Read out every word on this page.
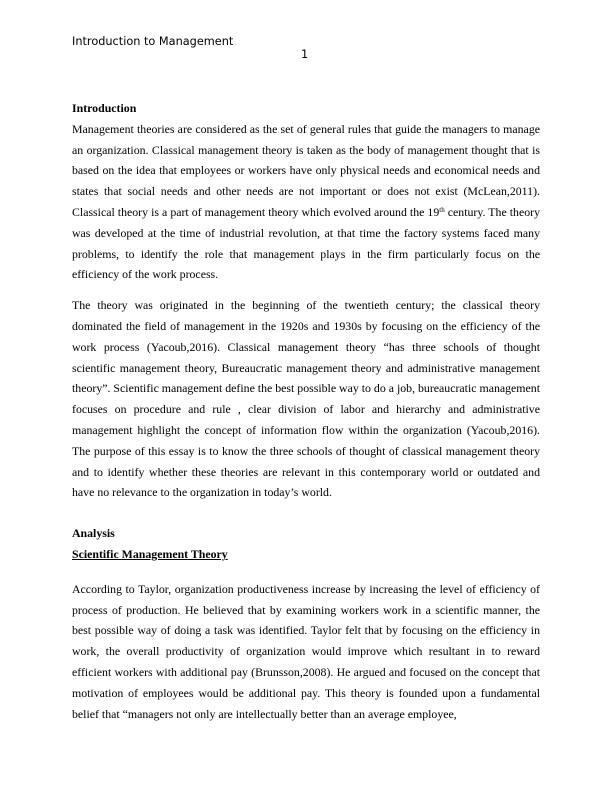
Introduction to Management
1
Introduction

Management theories are considered as the set of general rules that guide the managers to manage an organization. Classical management theory is taken as the body of management thought that is based on the idea that employees or workers have only physical needs and economical needs and states that social needs and other needs are not important or does not exist (McLean,2011). Classical theory is a part of management theory which evolved around the 19th century. The theory was developed at the time of industrial revolution, at that time the factory systems faced many problems, to identify the role that management plays in the firm particularly focus on the efficiency of the work process.

The theory was originated in the beginning of the twentieth century; the classical theory dominated the field of management in the 1920s and 1930s by focusing on the efficiency of the work process (Yacoub,2016). Classical management theory “has three schools of thought scientific management theory, Bureaucratic management theory and administrative management theory”. Scientific management define the best possible way to do a job, bureaucratic management focuses on procedure and rule , clear division of labor and hierarchy and administrative management highlight the concept of information flow within the organization (Yacoub,2016). The purpose of this essay is to know the three schools of thought of classical management theory and to identify whether these theories are relevant in this contemporary world or outdated and have no relevance to the organization in today’s world.

Analysis
Scientific Management Theory

According to Taylor, organization productiveness increase by increasing the level of efficiency of process of production. He believed that by examining workers work in a scientific manner, the best possible way of doing a task was identified. Taylor felt that by focusing on the efficiency in work, the overall productivity of organization would improve which resultant in to reward efficient workers with additional pay (Brunsson,2008). He argued and focused on the concept that motivation of employees would be additional pay. This theory is founded upon a fundamental belief that “managers not only are intellectually better than an average employee,
